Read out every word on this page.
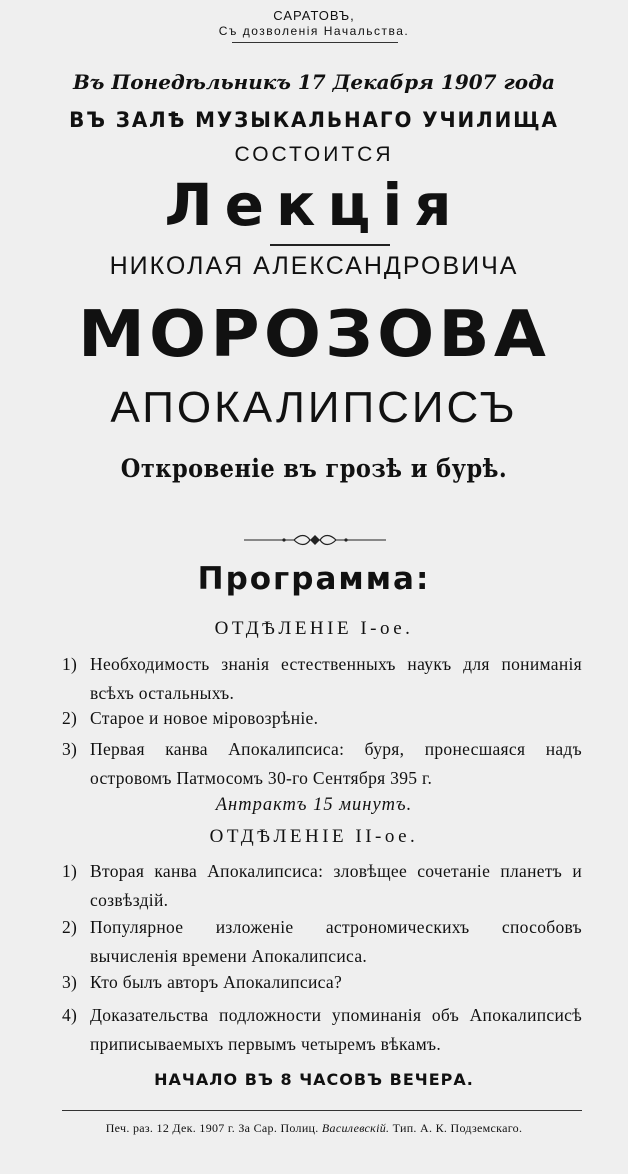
САРАТОВЪ,
Съ дозволенія Начальства.
Въ Понедѣльникъ 17 Декабря 1907 года
ВЪ ЗАЛѢ МУЗЫКАЛЬНАГО УЧИЛИЩА
СОСТОИТСЯ
Лекція
НИКОЛАЯ АЛЕКСАНДРОВИЧА
МОРОЗОВА
АПОКАЛИПСИСЪ
Откровеніе въ грозѣ и бурѣ.
Программа:
ОТДѢЛЕНІЕ I-ое.
1) Необходимость знанія естественныхъ наукъ для пониманія всѣхъ остальныхъ.
2) Старое и новое міровозрѣніе.
3) Первая канва Апокалипсиса: буря, пронесшаяся надъ островомъ Патмосомъ 30-го Сентября 395 г.
Антрактъ 15 минутъ.
ОТДѢЛЕНІЕ II-ое.
1) Вторая канва Апокалипсиса: зловѣщее сочетаніе планетъ и созвѣздій.
2) Популярное изложеніе астрономическихъ способовъ вычисленія времени Апокалипсиса.
3) Кто былъ авторъ Апокалипсиса?
4) Доказательства подложности упоминанія объ Апокалипсисѣ приписываемыхъ первымъ четыремъ вѣкамъ.
НАЧАЛО ВЪ 8 ЧАСОВЪ ВЕЧЕРА.
Печ. раз. 12 Дек. 1907 г. За Сар. Полиц. Василевскій. Тип. А. К. Подземскаго.
